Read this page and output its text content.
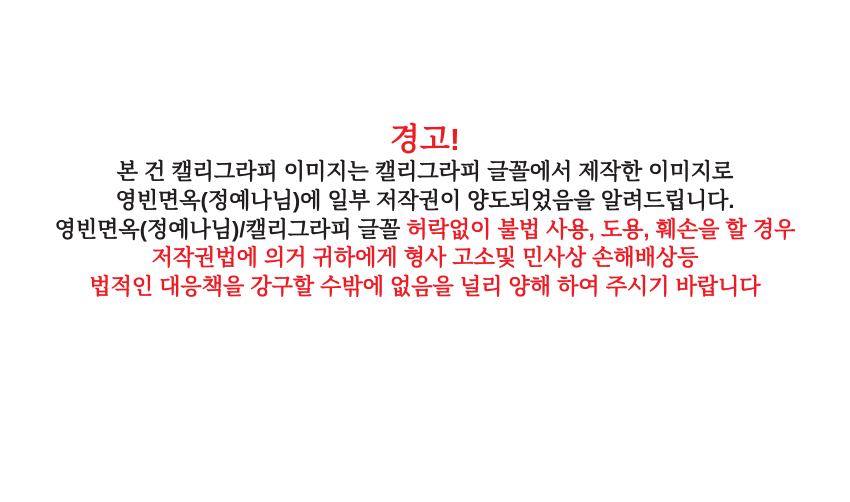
경고!
본 건 캘리그라피 이미지는 캘리그라피 글꼴에서 제작한 이미지로
영빈면옥(정예나님)에 일부 저작권이 양도되었음을 알려드립니다.
영빈면옥(정예나님)/캘리그라피 글꼴 허락없이 불법 사용, 도용, 훼손을 할 경우
저작권법에 의거 귀하에게 형사 고소및 민사상 손해배상등
법적인 대응책을 강구할 수밖에 없음을 널리 양해 하여 주시기 바랍니다
